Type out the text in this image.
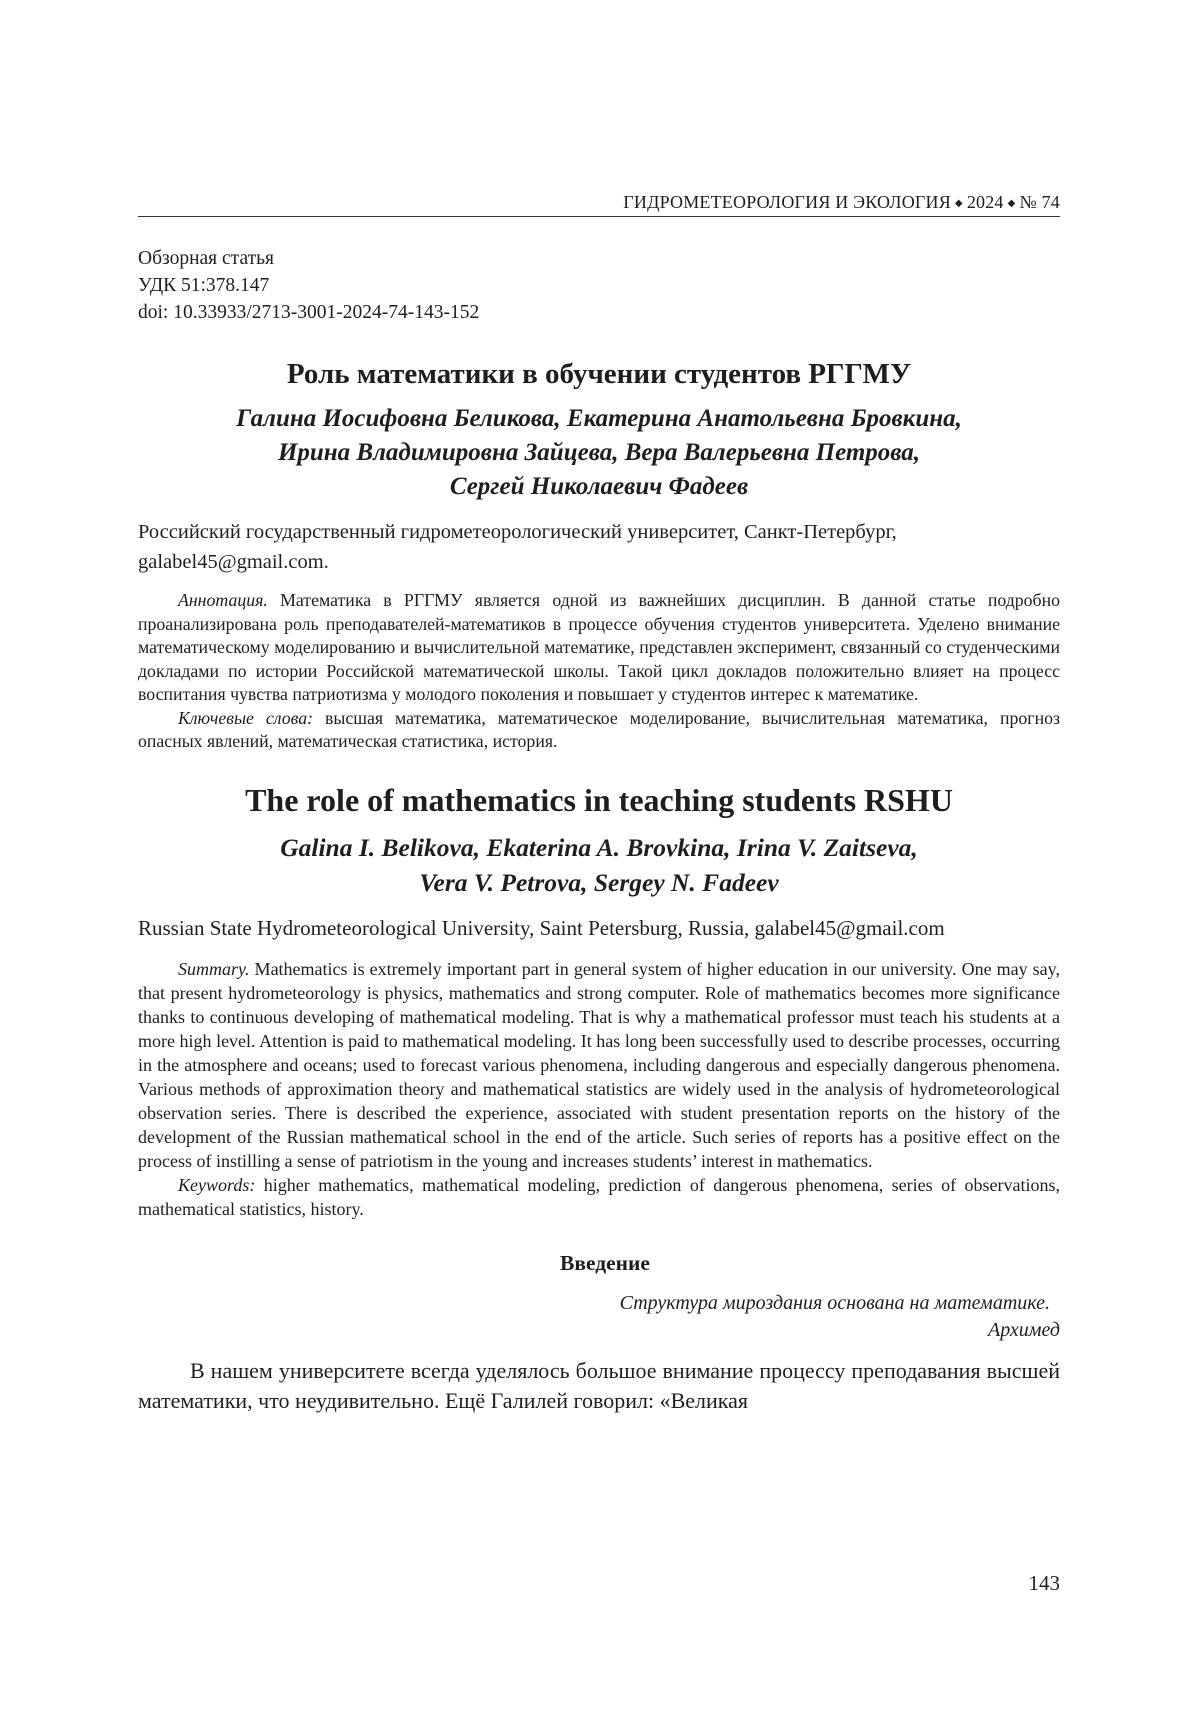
ГИДРОМЕТЕОРОЛОГИЯ И ЭКОЛОГИЯ ◆ 2024 ◆ № 74
Обзорная статья
УДК 51:378.147
doi: 10.33933/2713-3001-2024-74-143-152
Роль математики в обучении студентов РГГМУ
Галина Иосифовна Беликова, Екатерина Анатольевна Бровкина,
Ирина Владимировна Зайцева, Вера Валерьевна Петрова,
Сергей Николаевич Фадеев
Российский государственный гидрометеорологический университет, Санкт-Петербург, galabel45@gmail.com.

Аннотация. Математика в РГГМУ является одной из важнейших дисциплин. В данной статье подробно проанализирована роль преподавателей-математиков в процессе обучения студентов университета. Уделено внимание математическому моделированию и вычислительной математике, представлен эксперимент, связанный со студенческими докладами по истории Российской математической школы. Такой цикл докладов положительно влияет на процесс воспитания чувства патриотизма у молодого поколения и повышает у студентов интерес к математике.

Ключевые слова: высшая математика, математическое моделирование, вычислительная математика, прогноз опасных явлений, математическая статистика, история.

The role of mathematics in teaching students RSHU
Galina I. Belikova, Ekaterina A. Brovkina, Irina V. Zaitseva,
Vera V. Petrova, Sergey N. Fadeev
Russian State Hydrometeorological University, Saint Petersburg, Russia, galabel45@gmail.com

Summary. Mathematics is extremely important part in general system of higher education in our university. One may say, that present hydrometeorology is physics, mathematics and strong computer. Role of mathematics becomes more significance thanks to continuous developing of mathematical modeling. That is why a mathematical professor must teach his students at a more high level. Attention is paid to mathematical modeling. It has long been successfully used to describe processes, occurring in the atmosphere and oceans; used to forecast various phenomena, including dangerous and especially dangerous phenomena. Various methods of approximation theory and mathematical statistics are widely used in the analysis of hydrometeorological observation series. There is described the experience, associated with student presentation reports on the history of the development of the Russian mathematical school in the end of the article. Such series of reports has a positive effect on the process of instilling a sense of patriotism in the young and increases students’ interest in mathematics.

Keywords: higher mathematics, mathematical modeling, prediction of dangerous phenomena, series of observations, mathematical statistics, history.

Введение
Структура мироздания основана на математике.
Архимед
В нашем университете всегда уделялось большое внимание процессу преподавания высшей математики, что неудивительно. Ещё Галилей говорил: «Великая
143
